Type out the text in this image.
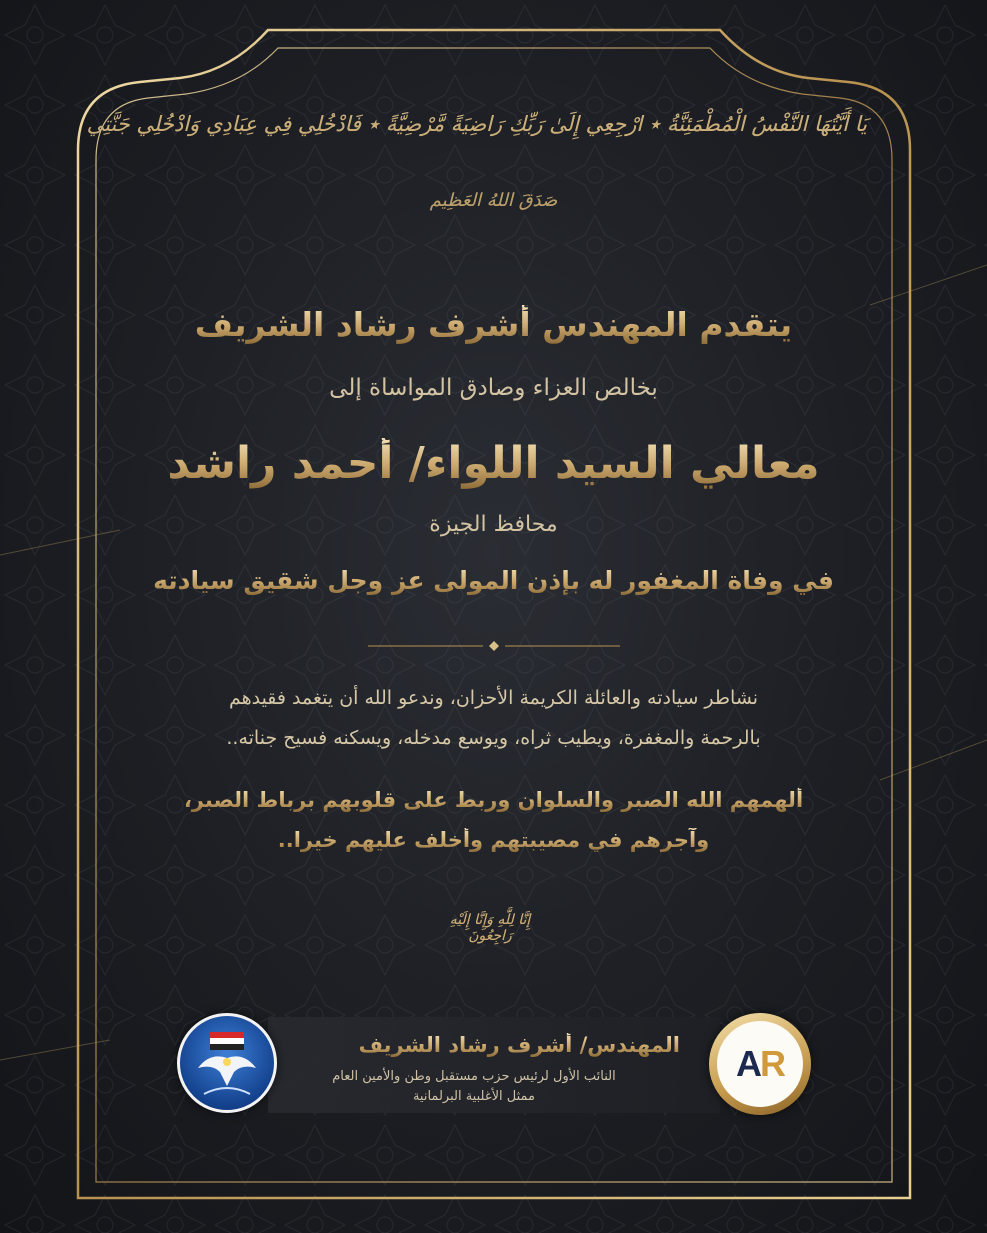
يَا أَيَّتُهَا النَّفْسُ الْمُطْمَئِنَّةُ ٭ ارْجِعِي إِلَىٰ رَبِّكِ رَاضِيَةً مَّرْضِيَّةً ٭ فَادْخُلِي فِي عِبَادِي وَادْخُلِي جَنَّتِي
صَدَقَ اللهُ العَظِيم
يتقدم المهندس أشرف رشاد الشريف
بخالص العزاء وصادق المواساة إلى
معالي السيد اللواء/ أحمد راشد
محافظ الجيزة
في وفاة المغفور له بإذن المولى عز وجل شقيق سيادته
نشاطر سيادته والعائلة الكريمة الأحزان، وندعو الله أن يتغمد فقيدهم
بالرحمة والمغفرة، ويطيب ثراه، ويوسع مدخله، ويسكنه فسيح جناته..
ألهمهم الله الصبر والسلوان وربط على قلوبهم برباط الصبر،
وآجرهم في مصيبتهم وأخلف عليهم خيرا..
إِنَّا لِلَّهِ وَإِنَّا إِلَيْهِ رَاجِعُونَ
المهندس/ أشرف رشاد الشريف
النائب الأول لرئيس حزب مستقبل وطن والأمين العام
ممثل الأغلبية البرلمانية
A R
